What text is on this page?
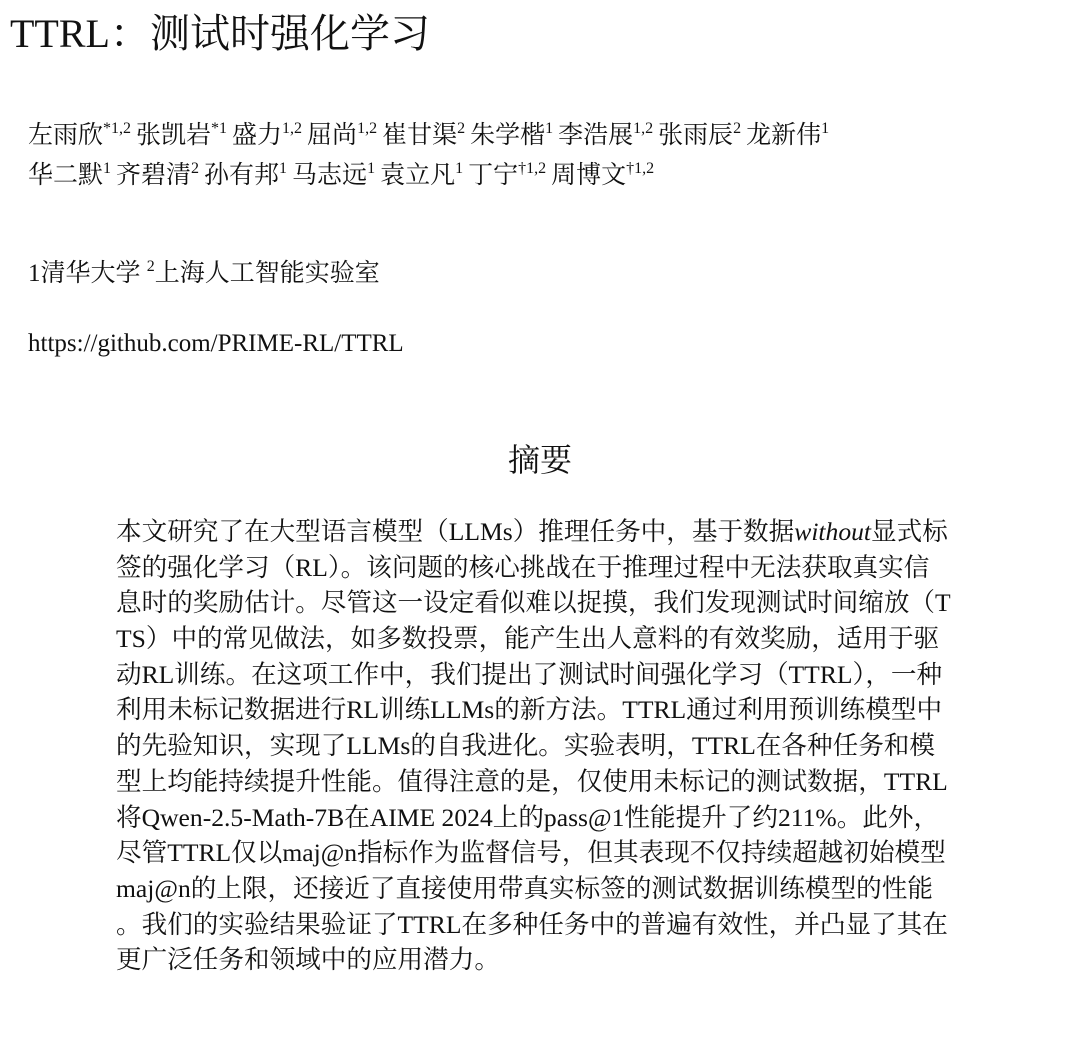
TTRL：测试时强化学习
左雨欣$^{*1,2}$ 张凯岩$^{*1}$ 盛力$^{1,2}$ 屈尚$^{1,2}$ 崔甘渠$^2$ 朱学楷$^1$ 李浩展$^{1,2}$ 张雨辰$^2$ 龙新伟$^1$
华二默$^1$ 齐碧清$^2$ 孙有邦$^1$ 马志远$^1$ 袁立凡$^1$ 丁宁$^{\dagger 1,2}$ 周博文$^{\dagger 1,2}$
1清华大学 $^2$上海人工智能实验室
https://github.com/PRIME-RL/TTRL
摘要
本文研究了在大型语言模型（LLMs）推理任务中，基于数据without显式标
签的强化学习（RL）。该问题的核心挑战在于推理过程中无法获取真实信
息时的奖励估计。尽管这一设定看似难以捉摸，我们发现测试时间缩放（T
TS）中的常见做法，如多数投票，能产生出人意料的有效奖励，适用于驱
动RL训练。在这项工作中，我们提出了测试时间强化学习（TTRL），一种
利用未标记数据进行RL训练LLMs的新方法。TTRL通过利用预训练模型中
的先验知识，实现了LLMs的自我进化。实验表明，TTRL在各种任务和模
型上均能持续提升性能。值得注意的是，仅使用未标记的测试数据，TTRL
将Qwen-2.5-Math-7B在AIME 2024上的pass@1性能提升了约211%。此外，
尽管TTRL仅以maj@n指标作为监督信号，但其表现不仅持续超越初始模型
maj@n的上限，还接近了直接使用带真实标签的测试数据训练模型的性能
。我们的实验结果验证了TTRL在多种任务中的普遍有效性，并凸显了其在
更广泛任务和领域中的应用潜力。
